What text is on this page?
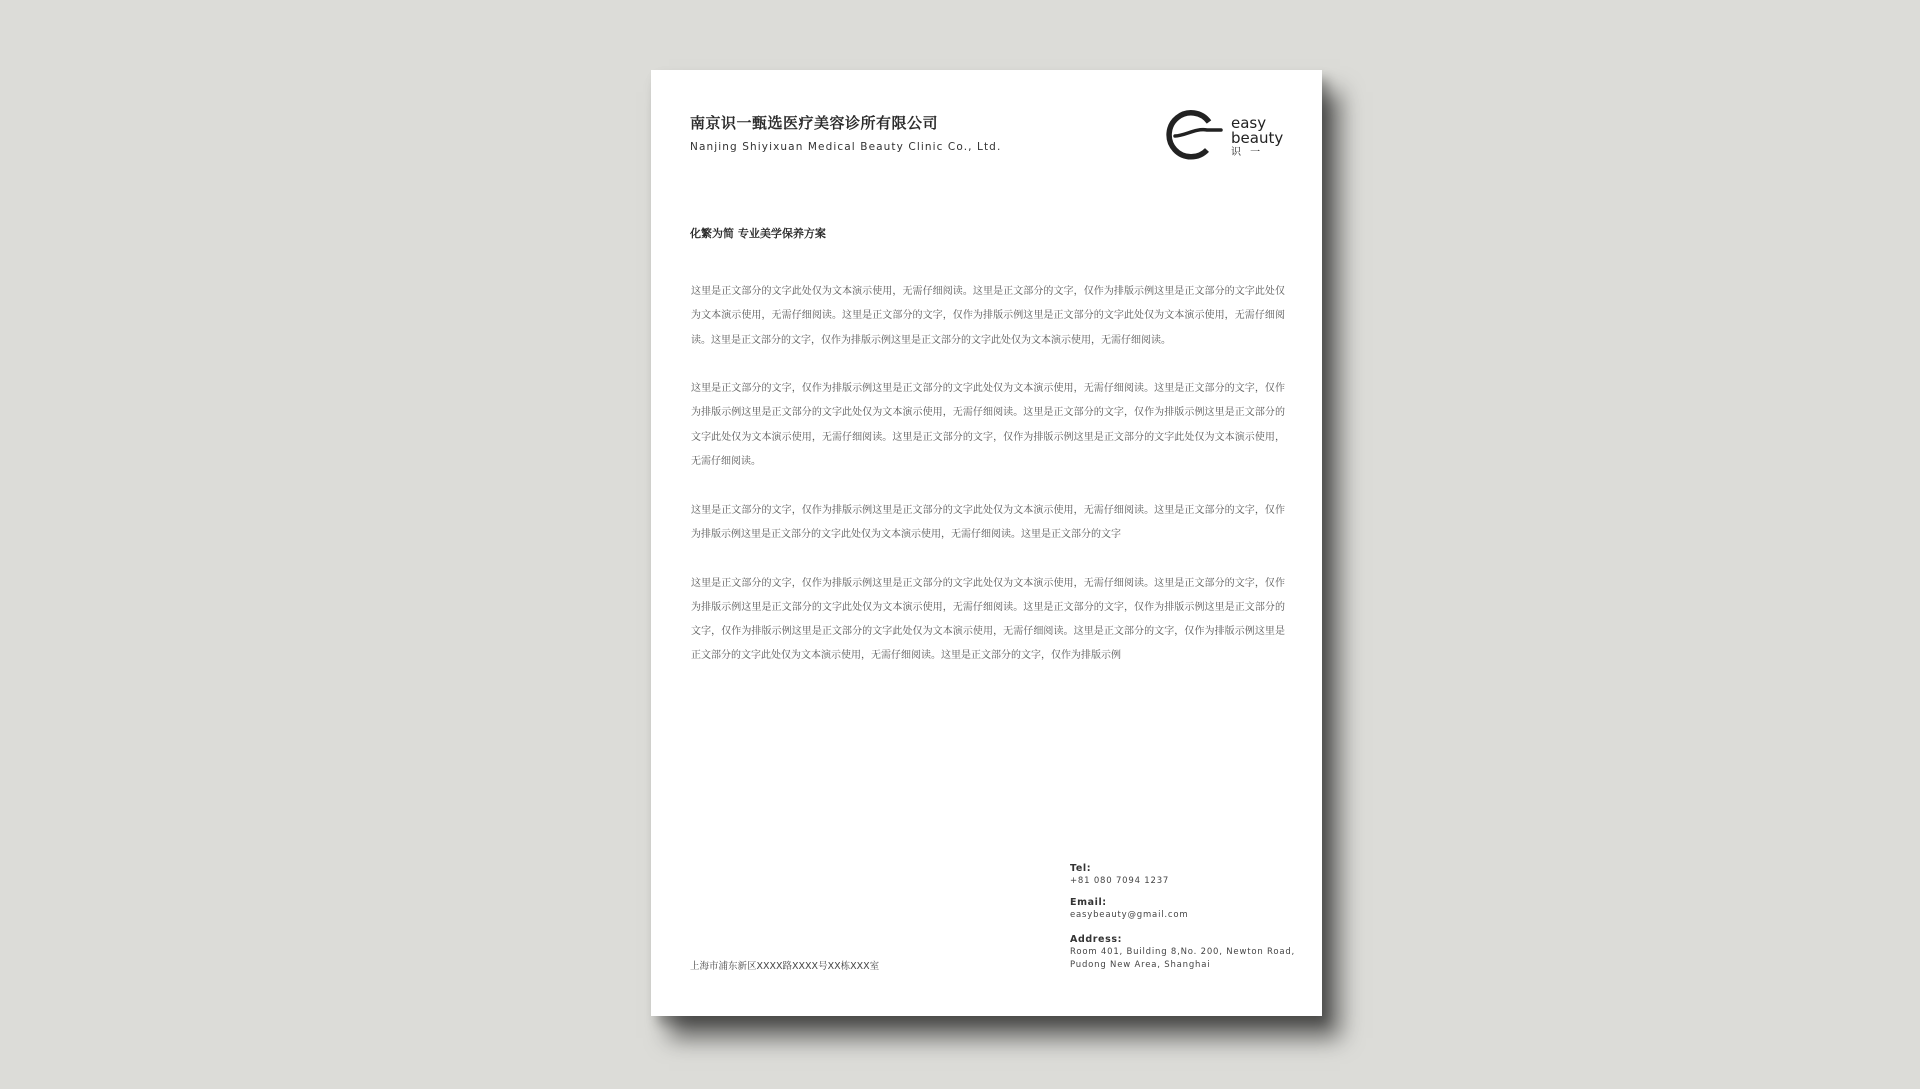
南京识一甄选医疗美容诊所有限公司
Nanjing Shiyixuan Medical Beauty Clinic Co., Ltd.
easy
beauty
识 一
化繁为简 专业美学保养方案

这里是正文部分的文字此处仅为文本演示使用，无需仔细阅读。这里是正文部分的文字，仅作为排版示例这里是正文部分的文字此处仅为文本演示使用，无需仔细阅读。这里是正文部分的文字，仅作为排版示例这里是正文部分的文字此处仅为文本演示使用，无需仔细阅读。这里是正文部分的文字，仅作为排版示例这里是正文部分的文字此处仅为文本演示使用，无需仔细阅读。

这里是正文部分的文字，仅作为排版示例这里是正文部分的文字此处仅为文本演示使用，无需仔细阅读。这里是正文部分的文字，仅作为排版示例这里是正文部分的文字此处仅为文本演示使用，无需仔细阅读。这里是正文部分的文字，仅作为排版示例这里是正文部分的文字此处仅为文本演示使用，无需仔细阅读。这里是正文部分的文字，仅作为排版示例这里是正文部分的文字此处仅为文本演示使用，无需仔细阅读。

这里是正文部分的文字，仅作为排版示例这里是正文部分的文字此处仅为文本演示使用，无需仔细阅读。这里是正文部分的文字，仅作为排版示例这里是正文部分的文字此处仅为文本演示使用，无需仔细阅读。这里是正文部分的文字

这里是正文部分的文字，仅作为排版示例这里是正文部分的文字此处仅为文本演示使用，无需仔细阅读。这里是正文部分的文字，仅作为排版示例这里是正文部分的文字此处仅为文本演示使用，无需仔细阅读。这里是正文部分的文字，仅作为排版示例这里是正文部分的文字，仅作为排版示例这里是正文部分的文字此处仅为文本演示使用，无需仔细阅读。这里是正文部分的文字，仅作为排版示例这里是正文部分的文字此处仅为文本演示使用，无需仔细阅读。这里是正文部分的文字，仅作为排版示例

上海市浦东新区XXXX路XXXX号XX栋XXX室
Tel:
+81 080 7094 1237
Email:
easybeauty@gmail.com
Address:
Room 401, Building 8,No. 200, Newton Road,
Pudong New Area, Shanghai
